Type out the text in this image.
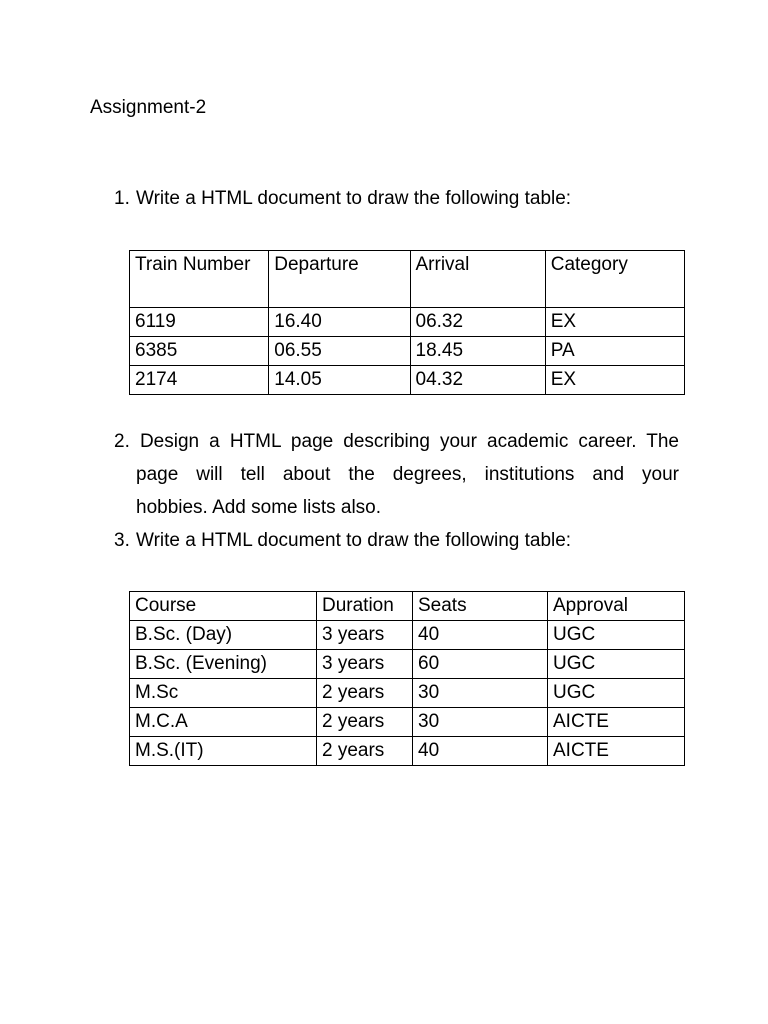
Assignment-2
1. Write a HTML document to draw the following table:
Train Number	Departure	Arrival	Category
6119	16.40	06.32	EX
6385	06.55	18.45	PA
2174	14.05	04.32	EX
2. Design a HTML page describing your academic career. The
page will tell about the degrees, institutions and your
hobbies. Add some lists also.
3. Write a HTML document to draw the following table:
Course	Duration	Seats	Approval
B.Sc. (Day)	3 years	40	UGC
B.Sc. (Evening)	3 years	60	UGC
M.Sc	2 years	30	UGC
M.C.A	2 years	30	AICTE
M.S.(IT)	2 years	40	AICTE
